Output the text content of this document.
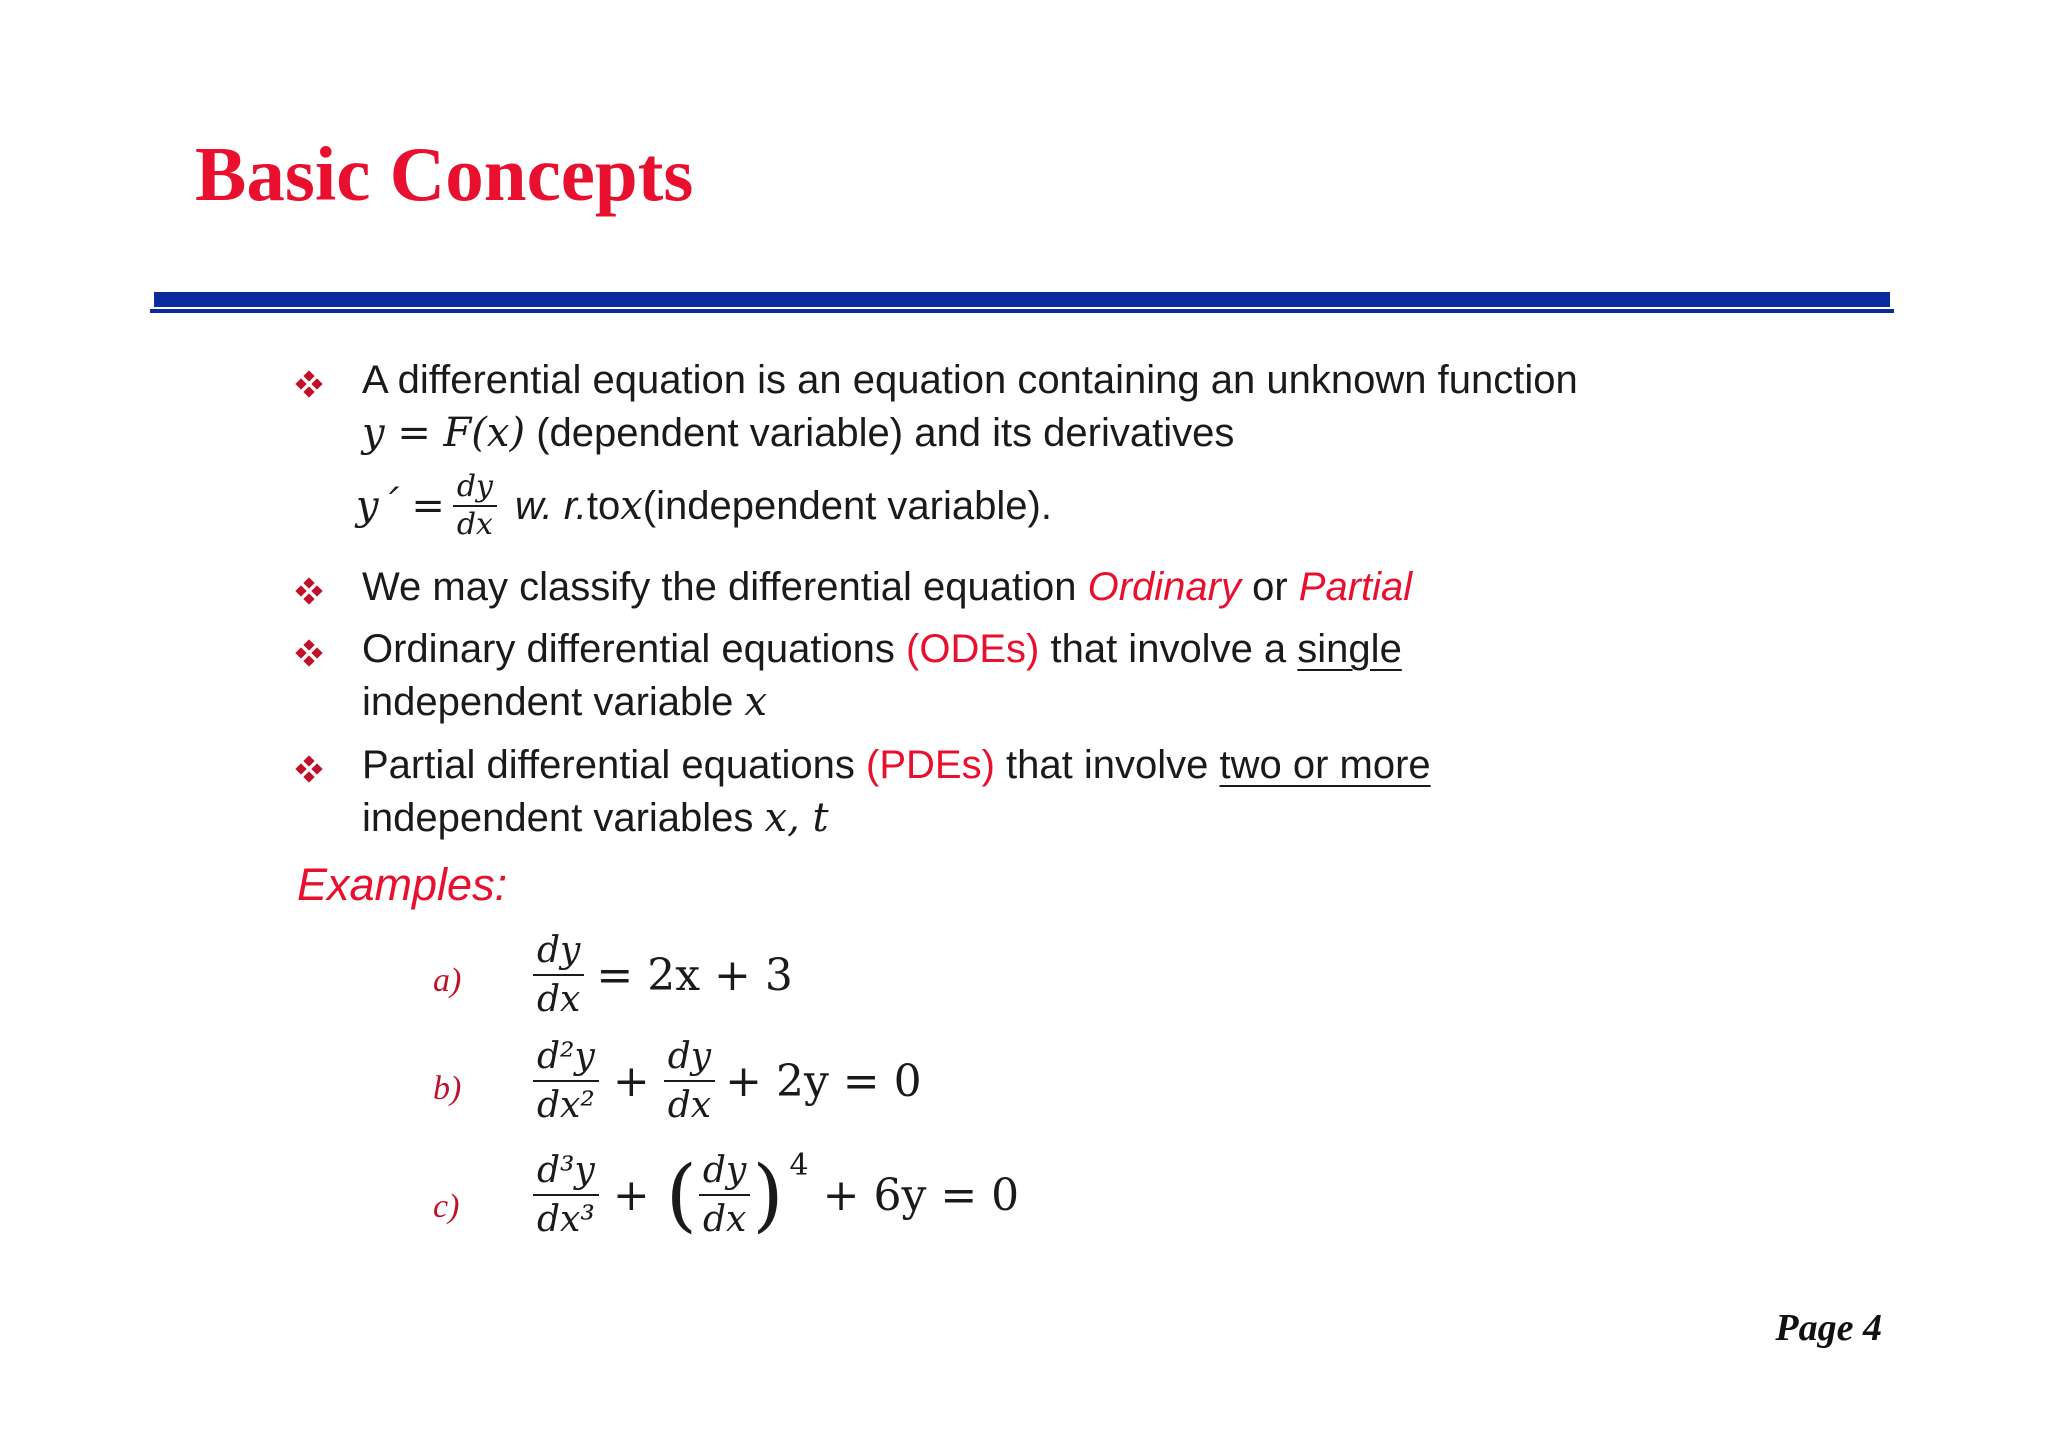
Basic Concepts
A differential equation is an equation containing an unknown function
y = F(x) (dependent variable) and its derivatives
y´ = $\frac{dy}{dx} w$. r. to x (independent variable).
We may classify the differential equation Ordinary or Partial
Ordinary differential equations (ODEs) that involve a single
independent variable x
Partial differential equations (PDEs) that involve two or more
independent variables x, t
Examples:
$a) \frac{dy}{dx} = 2x + 3$
$b) \frac{\text{d²y}}{\text{dx²}} + \frac{dy}{dx} + 2y = 0$
$c) \frac{\text{d³y}}{\text{dx³}}$ + ( $\frac{dy}{dx}$ ) 4
+ 6y = 0
Page 4
